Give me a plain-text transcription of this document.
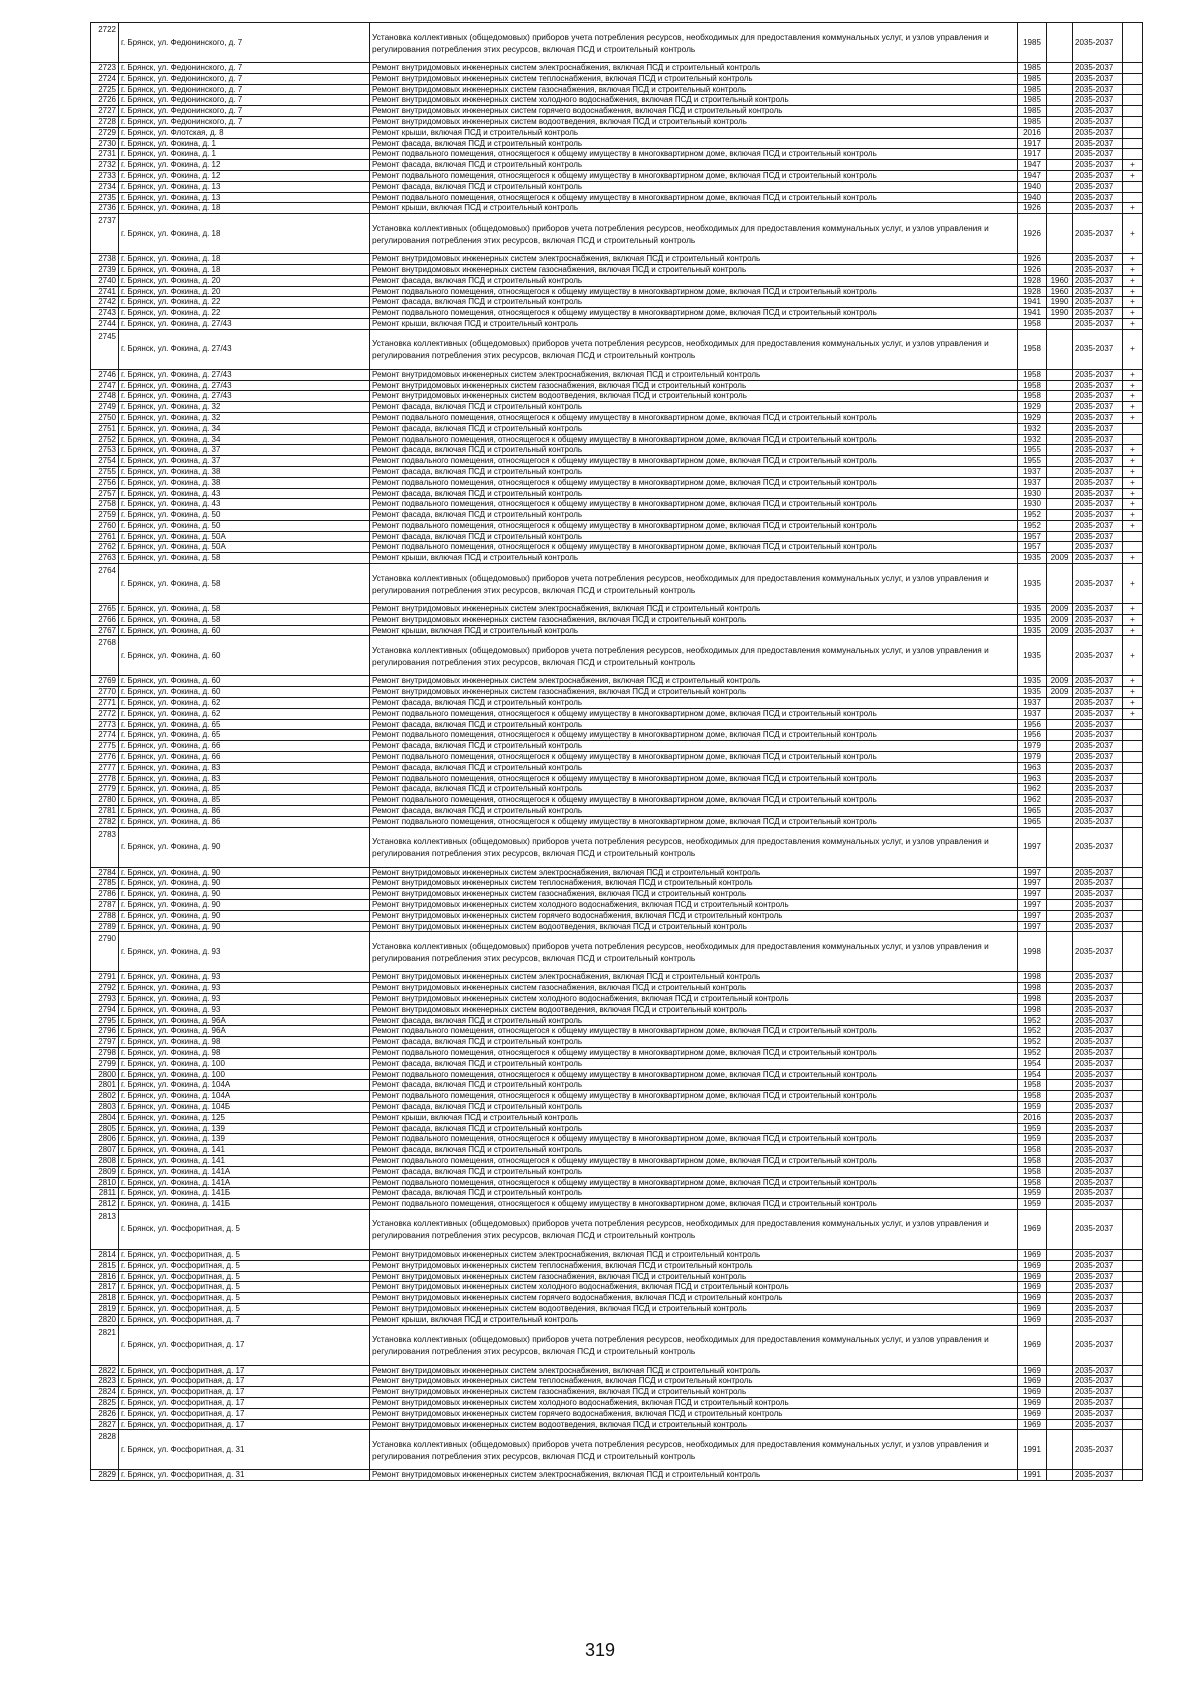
2722	г. Брянск, ул. Федюнинского, д. 7	Установка коллективных (общедомовых) приборов учета потребления ресурсов, необходимых для предоставления коммунальных услуг, и узлов управления и регулирования потребления этих ресурсов, включая ПСД и строительный контроль	1985		2035-2037	
2723	г. Брянск, ул. Федюнинского, д. 7	Ремонт внутридомовых инженерных систем электроснабжения, включая ПСД и строительный контроль	1985		2035-2037	
2724	г. Брянск, ул. Федюнинского, д. 7	Ремонт внутридомовых инженерных систем теплоснабжения, включая ПСД и строительный контроль	1985		2035-2037	
2725	г. Брянск, ул. Федюнинского, д. 7	Ремонт внутридомовых инженерных систем газоснабжения, включая ПСД и строительный контроль	1985		2035-2037	
2726	г. Брянск, ул. Федюнинского, д. 7	Ремонт внутридомовых инженерных систем холодного водоснабжения, включая ПСД и строительный контроль	1985		2035-2037	
2727	г. Брянск, ул. Федюнинского, д. 7	Ремонт внутридомовых инженерных систем горячего водоснабжения, включая ПСД и строительный контроль	1985		2035-2037	
2728	г. Брянск, ул. Федюнинского, д. 7	Ремонт внутридомовых инженерных систем водоотведения, включая ПСД и строительный контроль	1985		2035-2037	
2729	г. Брянск, ул. Флотская, д. 8	Ремонт крыши, включая ПСД и строительный контроль	2016		2035-2037	
2730	г. Брянск, ул. Фокина, д. 1	Ремонт фасада, включая ПСД и строительный контроль	1917		2035-2037	
2731	г. Брянск, ул. Фокина, д. 1	Ремонт подвального помещения, относящегося к общему имуществу в многоквартирном доме, включая ПСД и строительный контроль	1917		2035-2037	
2732	г. Брянск, ул. Фокина, д. 12	Ремонт фасада, включая ПСД и строительный контроль	1947		2035-2037	+
2733	г. Брянск, ул. Фокина, д. 12	Ремонт подвального помещения, относящегося к общему имуществу в многоквартирном доме, включая ПСД и строительный контроль	1947		2035-2037	+
2734	г. Брянск, ул. Фокина, д. 13	Ремонт фасада, включая ПСД и строительный контроль	1940		2035-2037	
2735	г. Брянск, ул. Фокина, д. 13	Ремонт подвального помещения, относящегося к общему имуществу в многоквартирном доме, включая ПСД и строительный контроль	1940		2035-2037	
2736	г. Брянск, ул. Фокина, д. 18	Ремонт крыши, включая ПСД и строительный контроль	1926		2035-2037	+
2737	г. Брянск, ул. Фокина, д. 18	Установка коллективных (общедомовых) приборов учета потребления ресурсов, необходимых для предоставления коммунальных услуг, и узлов управления и регулирования потребления этих ресурсов, включая ПСД и строительный контроль	1926		2035-2037	+
2738	г. Брянск, ул. Фокина, д. 18	Ремонт внутридомовых инженерных систем электроснабжения, включая ПСД и строительный контроль	1926		2035-2037	+
2739	г. Брянск, ул. Фокина, д. 18	Ремонт внутридомовых инженерных систем газоснабжения, включая ПСД и строительный контроль	1926		2035-2037	+
2740	г. Брянск, ул. Фокина, д. 20	Ремонт фасада, включая ПСД и строительный контроль	1928	1960	2035-2037	+
2741	г. Брянск, ул. Фокина, д. 20	Ремонт подвального помещения, относящегося к общему имуществу в многоквартирном доме, включая ПСД и строительный контроль	1928	1960	2035-2037	+
2742	г. Брянск, ул. Фокина, д. 22	Ремонт фасада, включая ПСД и строительный контроль	1941	1990	2035-2037	+
2743	г. Брянск, ул. Фокина, д. 22	Ремонт подвального помещения, относящегося к общему имуществу в многоквартирном доме, включая ПСД и строительный контроль	1941	1990	2035-2037	+
2744	г. Брянск, ул. Фокина, д. 27/43	Ремонт крыши, включая ПСД и строительный контроль	1958		2035-2037	+
2745	г. Брянск, ул. Фокина, д. 27/43	Установка коллективных (общедомовых) приборов учета потребления ресурсов, необходимых для предоставления коммунальных услуг, и узлов управления и регулирования потребления этих ресурсов, включая ПСД и строительный контроль	1958		2035-2037	+
2746	г. Брянск, ул. Фокина, д. 27/43	Ремонт внутридомовых инженерных систем электроснабжения, включая ПСД и строительный контроль	1958		2035-2037	+
2747	г. Брянск, ул. Фокина, д. 27/43	Ремонт внутридомовых инженерных систем газоснабжения, включая ПСД и строительный контроль	1958		2035-2037	+
2748	г. Брянск, ул. Фокина, д. 27/43	Ремонт внутридомовых инженерных систем водоотведения, включая ПСД и строительный контроль	1958		2035-2037	+
2749	г. Брянск, ул. Фокина, д. 32	Ремонт фасада, включая ПСД и строительный контроль	1929		2035-2037	+
2750	г. Брянск, ул. Фокина, д. 32	Ремонт подвального помещения, относящегося к общему имуществу в многоквартирном доме, включая ПСД и строительный контроль	1929		2035-2037	+
2751	г. Брянск, ул. Фокина, д. 34	Ремонт фасада, включая ПСД и строительный контроль	1932		2035-2037	
2752	г. Брянск, ул. Фокина, д. 34	Ремонт подвального помещения, относящегося к общему имуществу в многоквартирном доме, включая ПСД и строительный контроль	1932		2035-2037	
2753	г. Брянск, ул. Фокина, д. 37	Ремонт фасада, включая ПСД и строительный контроль	1955		2035-2037	+
2754	г. Брянск, ул. Фокина, д. 37	Ремонт подвального помещения, относящегося к общему имуществу в многоквартирном доме, включая ПСД и строительный контроль	1955		2035-2037	+
2755	г. Брянск, ул. Фокина, д. 38	Ремонт фасада, включая ПСД и строительный контроль	1937		2035-2037	+
2756	г. Брянск, ул. Фокина, д. 38	Ремонт подвального помещения, относящегося к общему имуществу в многоквартирном доме, включая ПСД и строительный контроль	1937		2035-2037	+
2757	г. Брянск, ул. Фокина, д. 43	Ремонт фасада, включая ПСД и строительный контроль	1930		2035-2037	+
2758	г. Брянск, ул. Фокина, д. 43	Ремонт подвального помещения, относящегося к общему имуществу в многоквартирном доме, включая ПСД и строительный контроль	1930		2035-2037	+
2759	г. Брянск, ул. Фокина, д. 50	Ремонт фасада, включая ПСД и строительный контроль	1952		2035-2037	+
2760	г. Брянск, ул. Фокина, д. 50	Ремонт подвального помещения, относящегося к общему имуществу в многоквартирном доме, включая ПСД и строительный контроль	1952		2035-2037	+
2761	г. Брянск, ул. Фокина, д. 50А	Ремонт фасада, включая ПСД и строительный контроль	1957		2035-2037	
2762	г. Брянск, ул. Фокина, д. 50А	Ремонт подвального помещения, относящегося к общему имуществу в многоквартирном доме, включая ПСД и строительный контроль	1957		2035-2037	
2763	г. Брянск, ул. Фокина, д. 58	Ремонт крыши, включая ПСД и строительный контроль	1935	2009	2035-2037	+
2764	г. Брянск, ул. Фокина, д. 58	Установка коллективных (общедомовых) приборов учета потребления ресурсов, необходимых для предоставления коммунальных услуг, и узлов управления и регулирования потребления этих ресурсов, включая ПСД и строительный контроль	1935		2035-2037	+
2765	г. Брянск, ул. Фокина, д. 58	Ремонт внутридомовых инженерных систем электроснабжения, включая ПСД и строительный контроль	1935	2009	2035-2037	+
2766	г. Брянск, ул. Фокина, д. 58	Ремонт внутридомовых инженерных систем газоснабжения, включая ПСД и строительный контроль	1935	2009	2035-2037	+
2767	г. Брянск, ул. Фокина, д. 60	Ремонт крыши, включая ПСД и строительный контроль	1935	2009	2035-2037	+
2768	г. Брянск, ул. Фокина, д. 60	Установка коллективных (общедомовых) приборов учета потребления ресурсов, необходимых для предоставления коммунальных услуг, и узлов управления и регулирования потребления этих ресурсов, включая ПСД и строительный контроль	1935		2035-2037	+
2769	г. Брянск, ул. Фокина, д. 60	Ремонт внутридомовых инженерных систем электроснабжения, включая ПСД и строительный контроль	1935	2009	2035-2037	+
2770	г. Брянск, ул. Фокина, д. 60	Ремонт внутридомовых инженерных систем газоснабжения, включая ПСД и строительный контроль	1935	2009	2035-2037	+
2771	г. Брянск, ул. Фокина, д. 62	Ремонт фасада, включая ПСД и строительный контроль	1937		2035-2037	+
2772	г. Брянск, ул. Фокина, д. 62	Ремонт подвального помещения, относящегося к общему имуществу в многоквартирном доме, включая ПСД и строительный контроль	1937		2035-2037	+
2773	г. Брянск, ул. Фокина, д. 65	Ремонт фасада, включая ПСД и строительный контроль	1956		2035-2037	
2774	г. Брянск, ул. Фокина, д. 65	Ремонт подвального помещения, относящегося к общему имуществу в многоквартирном доме, включая ПСД и строительный контроль	1956		2035-2037	
2775	г. Брянск, ул. Фокина, д. 66	Ремонт фасада, включая ПСД и строительный контроль	1979		2035-2037	
2776	г. Брянск, ул. Фокина, д. 66	Ремонт подвального помещения, относящегося к общему имуществу в многоквартирном доме, включая ПСД и строительный контроль	1979		2035-2037	
2777	г. Брянск, ул. Фокина, д. 83	Ремонт фасада, включая ПСД и строительный контроль	1963		2035-2037	
2778	г. Брянск, ул. Фокина, д. 83	Ремонт подвального помещения, относящегося к общему имуществу в многоквартирном доме, включая ПСД и строительный контроль	1963		2035-2037	
2779	г. Брянск, ул. Фокина, д. 85	Ремонт фасада, включая ПСД и строительный контроль	1962		2035-2037	
2780	г. Брянск, ул. Фокина, д. 85	Ремонт подвального помещения, относящегося к общему имуществу в многоквартирном доме, включая ПСД и строительный контроль	1962		2035-2037	
2781	г. Брянск, ул. Фокина, д. 86	Ремонт фасада, включая ПСД и строительный контроль	1965		2035-2037	
2782	г. Брянск, ул. Фокина, д. 86	Ремонт подвального помещения, относящегося к общему имуществу в многоквартирном доме, включая ПСД и строительный контроль	1965		2035-2037	
2783	г. Брянск, ул. Фокина, д. 90	Установка коллективных (общедомовых) приборов учета потребления ресурсов, необходимых для предоставления коммунальных услуг, и узлов управления и регулирования потребления этих ресурсов, включая ПСД и строительный контроль	1997		2035-2037	
2784	г. Брянск, ул. Фокина, д. 90	Ремонт внутридомовых инженерных систем электроснабжения, включая ПСД и строительный контроль	1997		2035-2037	
2785	г. Брянск, ул. Фокина, д. 90	Ремонт внутридомовых инженерных систем теплоснабжения, включая ПСД и строительный контроль	1997		2035-2037	
2786	г. Брянск, ул. Фокина, д. 90	Ремонт внутридомовых инженерных систем газоснабжения, включая ПСД и строительный контроль	1997		2035-2037	
2787	г. Брянск, ул. Фокина, д. 90	Ремонт внутридомовых инженерных систем холодного водоснабжения, включая ПСД и строительный контроль	1997		2035-2037	
2788	г. Брянск, ул. Фокина, д. 90	Ремонт внутридомовых инженерных систем горячего водоснабжения, включая ПСД и строительный контроль	1997		2035-2037	
2789	г. Брянск, ул. Фокина, д. 90	Ремонт внутридомовых инженерных систем водоотведения, включая ПСД и строительный контроль	1997		2035-2037	
2790	г. Брянск, ул. Фокина, д. 93	Установка коллективных (общедомовых) приборов учета потребления ресурсов, необходимых для предоставления коммунальных услуг, и узлов управления и регулирования потребления этих ресурсов, включая ПСД и строительный контроль	1998		2035-2037	
2791	г. Брянск, ул. Фокина, д. 93	Ремонт внутридомовых инженерных систем электроснабжения, включая ПСД и строительный контроль	1998		2035-2037	
2792	г. Брянск, ул. Фокина, д. 93	Ремонт внутридомовых инженерных систем газоснабжения, включая ПСД и строительный контроль	1998		2035-2037	
2793	г. Брянск, ул. Фокина, д. 93	Ремонт внутридомовых инженерных систем холодного водоснабжения, включая ПСД и строительный контроль	1998		2035-2037	
2794	г. Брянск, ул. Фокина, д. 93	Ремонт внутридомовых инженерных систем водоотведения, включая ПСД и строительный контроль	1998		2035-2037	
2795	г. Брянск, ул. Фокина, д. 96А	Ремонт фасада, включая ПСД и строительный контроль	1952		2035-2037	
2796	г. Брянск, ул. Фокина, д. 96А	Ремонт подвального помещения, относящегося к общему имуществу в многоквартирном доме, включая ПСД и строительный контроль	1952		2035-2037	
2797	г. Брянск, ул. Фокина, д. 98	Ремонт фасада, включая ПСД и строительный контроль	1952		2035-2037	
2798	г. Брянск, ул. Фокина, д. 98	Ремонт подвального помещения, относящегося к общему имуществу в многоквартирном доме, включая ПСД и строительный контроль	1952		2035-2037	
2799	г. Брянск, ул. Фокина, д. 100	Ремонт фасада, включая ПСД и строительный контроль	1954		2035-2037	
2800	г. Брянск, ул. Фокина, д. 100	Ремонт подвального помещения, относящегося к общему имуществу в многоквартирном доме, включая ПСД и строительный контроль	1954		2035-2037	
2801	г. Брянск, ул. Фокина, д. 104А	Ремонт фасада, включая ПСД и строительный контроль	1958		2035-2037	
2802	г. Брянск, ул. Фокина, д. 104А	Ремонт подвального помещения, относящегося к общему имуществу в многоквартирном доме, включая ПСД и строительный контроль	1958		2035-2037	
2803	г. Брянск, ул. Фокина, д. 104Б	Ремонт фасада, включая ПСД и строительный контроль	1959		2035-2037	
2804	г. Брянск, ул. Фокина, д. 125	Ремонт крыши, включая ПСД и строительный контроль	2016		2035-2037	
2805	г. Брянск, ул. Фокина, д. 139	Ремонт фасада, включая ПСД и строительный контроль	1959		2035-2037	
2806	г. Брянск, ул. Фокина, д. 139	Ремонт подвального помещения, относящегося к общему имуществу в многоквартирном доме, включая ПСД и строительный контроль	1959		2035-2037	
2807	г. Брянск, ул. Фокина, д. 141	Ремонт фасада, включая ПСД и строительный контроль	1958		2035-2037	
2808	г. Брянск, ул. Фокина, д. 141	Ремонт подвального помещения, относящегося к общему имуществу в многоквартирном доме, включая ПСД и строительный контроль	1958		2035-2037	
2809	г. Брянск, ул. Фокина, д. 141А	Ремонт фасада, включая ПСД и строительный контроль	1958		2035-2037	
2810	г. Брянск, ул. Фокина, д. 141А	Ремонт подвального помещения, относящегося к общему имуществу в многоквартирном доме, включая ПСД и строительный контроль	1958		2035-2037	
2811	г. Брянск, ул. Фокина, д. 141Б	Ремонт фасада, включая ПСД и строительный контроль	1959		2035-2037	
2812	г. Брянск, ул. Фокина, д. 141Б	Ремонт подвального помещения, относящегося к общему имуществу в многоквартирном доме, включая ПСД и строительный контроль	1959		2035-2037	
2813	г. Брянск, ул. Фосфоритная, д. 5	Установка коллективных (общедомовых) приборов учета потребления ресурсов, необходимых для предоставления коммунальных услуг, и узлов управления и регулирования потребления этих ресурсов, включая ПСД и строительный контроль	1969		2035-2037	
2814	г. Брянск, ул. Фосфоритная, д. 5	Ремонт внутридомовых инженерных систем электроснабжения, включая ПСД и строительный контроль	1969		2035-2037	
2815	г. Брянск, ул. Фосфоритная, д. 5	Ремонт внутридомовых инженерных систем теплоснабжения, включая ПСД и строительный контроль	1969		2035-2037	
2816	г. Брянск, ул. Фосфоритная, д. 5	Ремонт внутридомовых инженерных систем газоснабжения, включая ПСД и строительный контроль	1969		2035-2037	
2817	г. Брянск, ул. Фосфоритная, д. 5	Ремонт внутридомовых инженерных систем холодного водоснабжения, включая ПСД и строительный контроль	1969		2035-2037	
2818	г. Брянск, ул. Фосфоритная, д. 5	Ремонт внутридомовых инженерных систем горячего водоснабжения, включая ПСД и строительный контроль	1969		2035-2037	
2819	г. Брянск, ул. Фосфоритная, д. 5	Ремонт внутридомовых инженерных систем водоотведения, включая ПСД и строительный контроль	1969		2035-2037	
2820	г. Брянск, ул. Фосфоритная, д. 7	Ремонт крыши, включая ПСД и строительный контроль	1969		2035-2037	
2821	г. Брянск, ул. Фосфоритная, д. 17	Установка коллективных (общедомовых) приборов учета потребления ресурсов, необходимых для предоставления коммунальных услуг, и узлов управления и регулирования потребления этих ресурсов, включая ПСД и строительный контроль	1969		2035-2037	
2822	г. Брянск, ул. Фосфоритная, д. 17	Ремонт внутридомовых инженерных систем электроснабжения, включая ПСД и строительный контроль	1969		2035-2037	
2823	г. Брянск, ул. Фосфоритная, д. 17	Ремонт внутридомовых инженерных систем теплоснабжения, включая ПСД и строительный контроль	1969		2035-2037	
2824	г. Брянск, ул. Фосфоритная, д. 17	Ремонт внутридомовых инженерных систем газоснабжения, включая ПСД и строительный контроль	1969		2035-2037	
2825	г. Брянск, ул. Фосфоритная, д. 17	Ремонт внутридомовых инженерных систем холодного водоснабжения, включая ПСД и строительный контроль	1969		2035-2037	
2826	г. Брянск, ул. Фосфоритная, д. 17	Ремонт внутридомовых инженерных систем горячего водоснабжения, включая ПСД и строительный контроль	1969		2035-2037	
2827	г. Брянск, ул. Фосфоритная, д. 17	Ремонт внутридомовых инженерных систем водоотведения, включая ПСД и строительный контроль	1969		2035-2037	
2828	г. Брянск, ул. Фосфоритная, д. 31	Установка коллективных (общедомовых) приборов учета потребления ресурсов, необходимых для предоставления коммунальных услуг, и узлов управления и регулирования потребления этих ресурсов, включая ПСД и строительный контроль	1991		2035-2037	
2829	г. Брянск, ул. Фосфоритная, д. 31	Ремонт внутридомовых инженерных систем электроснабжения, включая ПСД и строительный контроль	1991		2035-2037	
319
